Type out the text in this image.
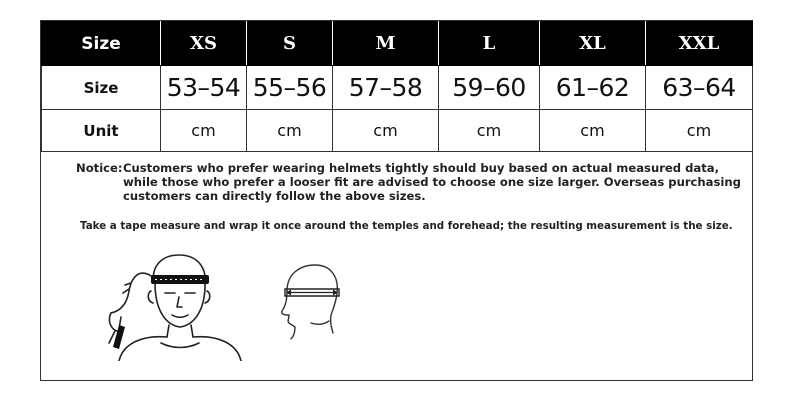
Size	XS	S	M	L	XL	XXL
Size	53–54	55–56	57–58	59–60	61–62	63–64
Unit	cm	cm	cm	cm	cm	cm
Notice: Customers who prefer wearing helmets tightly should buy based on actual measured data, while those who prefer a looser fit are advised to choose one size larger. Overseas purchasing customers can directly follow the above sizes.
Take a tape measure and wrap it once around the temples and forehead; the resulting measurement is the size.
